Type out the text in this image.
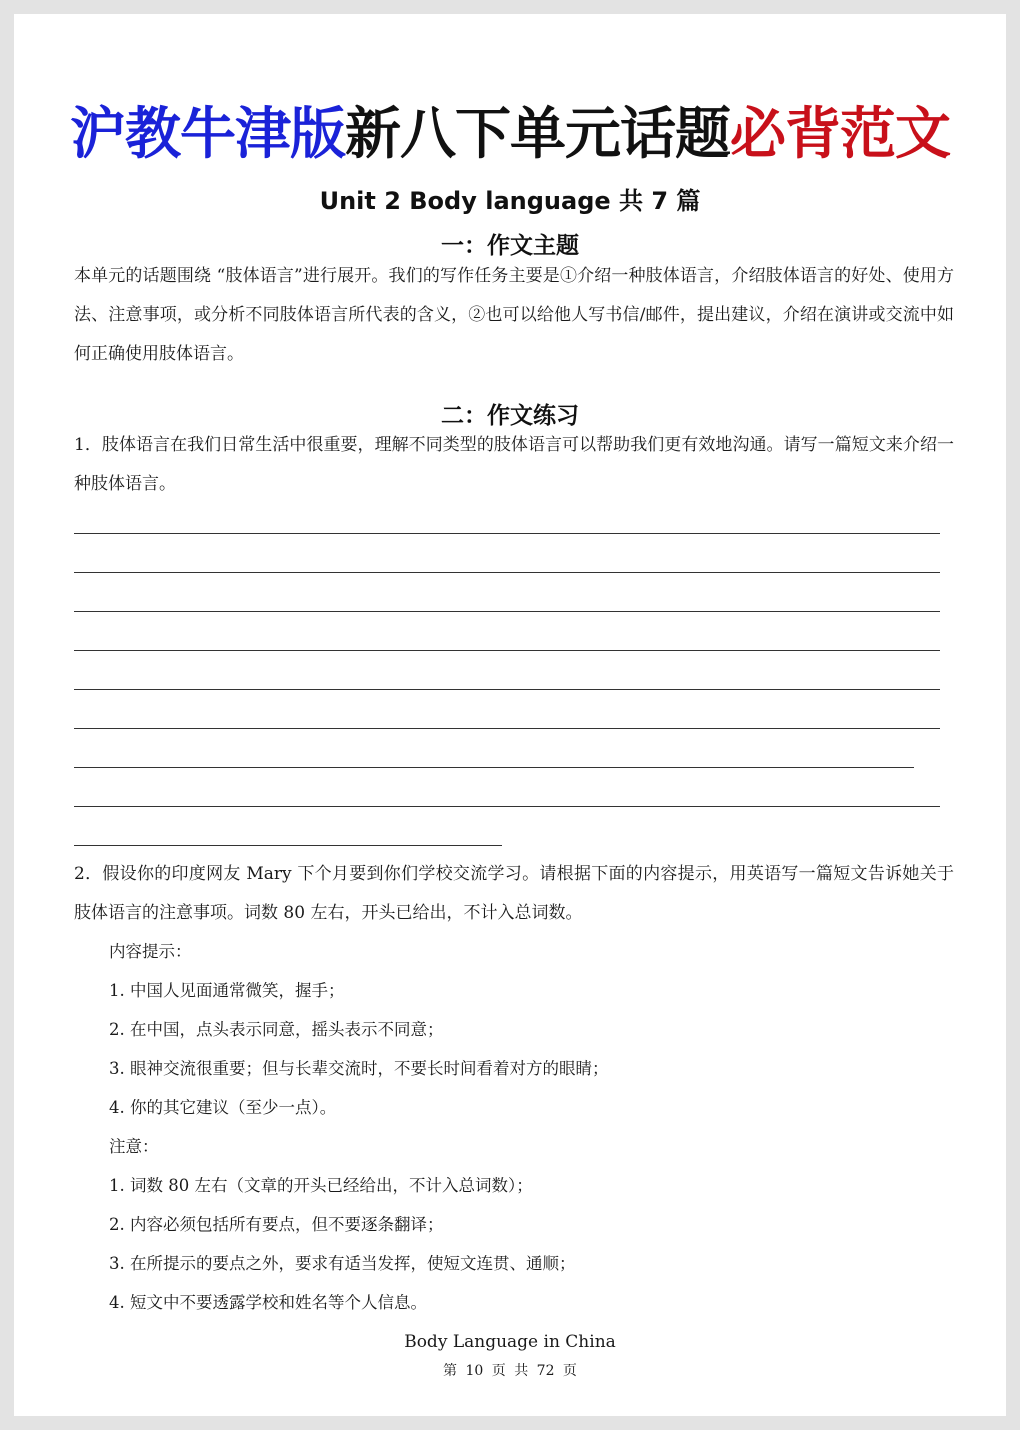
沪教牛津版新八下单元话题必背范文
Unit 2 Body language 共 7 篇
一：作文主题
本单元的话题围绕 “肢体语言”进行展开。我们的写作任务主要是①介绍一种肢体语言，介绍肢体语言的好处、使用方法、注意事项，或分析不同肢体语言所代表的含义，②也可以给他人写书信/邮件，提出建议，介绍在演讲或交流中如何正确使用肢体语言。
二：作文练习
1．肢体语言在我们日常生活中很重要，理解不同类型的肢体语言可以帮助我们更有效地沟通。请写一篇短文来介绍一种肢体语言。
2．假设你的印度网友 Mary 下个月要到你们学校交流学习。请根据下面的内容提示，用英语写一篇短文告诉她关于肢体语言的注意事项。词数 80 左右，开头已给出，不计入总词数。
内容提示：
1. 中国人见面通常微笑，握手；
2. 在中国，点头表示同意，摇头表示不同意；
3. 眼神交流很重要；但与长辈交流时，不要长时间看着对方的眼睛；
4. 你的其它建议（至少一点）。
注意：
1. 词数 80 左右（文章的开头已经给出，不计入总词数）；
2. 内容必须包括所有要点，但不要逐条翻译；
3. 在所提示的要点之外，要求有适当发挥，使短文连贯、通顺；
4. 短文中不要透露学校和姓名等个人信息。
Body Language in China
第 10 页 共 72 页
